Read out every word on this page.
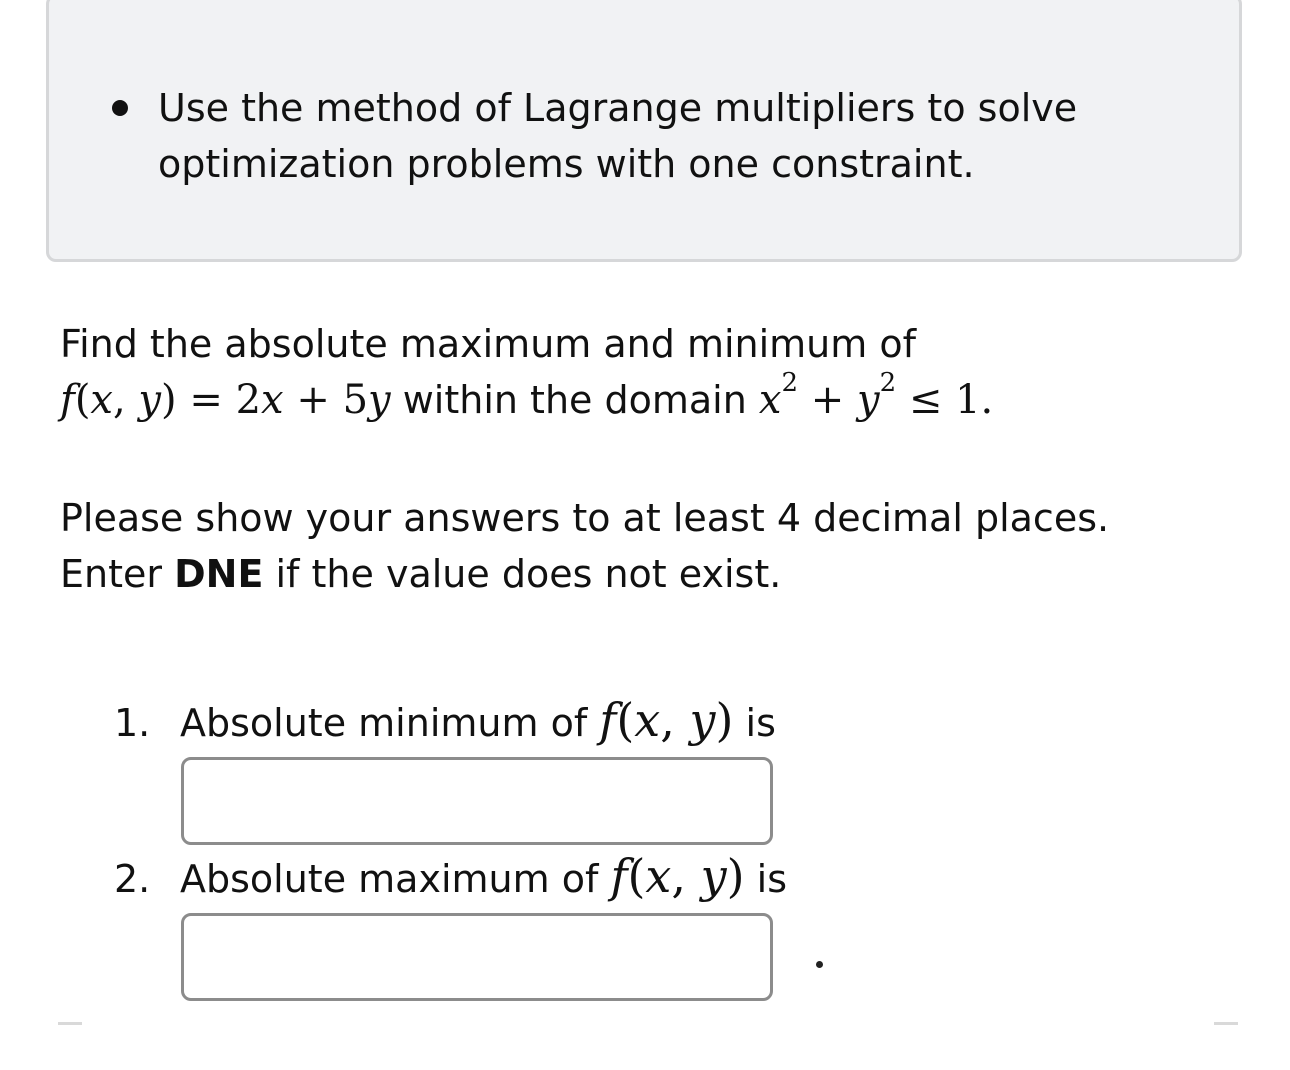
Use the method of Lagrange multipliers to solve optimization problems with one constraint.
Find the absolute maximum and minimum of
f(x, y) = 2x + 5y within the domain $x^2 + y^2 \le 1$.
Please show your answers to at least 4 decimal places.
Enter DNE if the value does not exist.
1. Absolute minimum of f(x, y) is
2. Absolute maximum of f(x, y) is
